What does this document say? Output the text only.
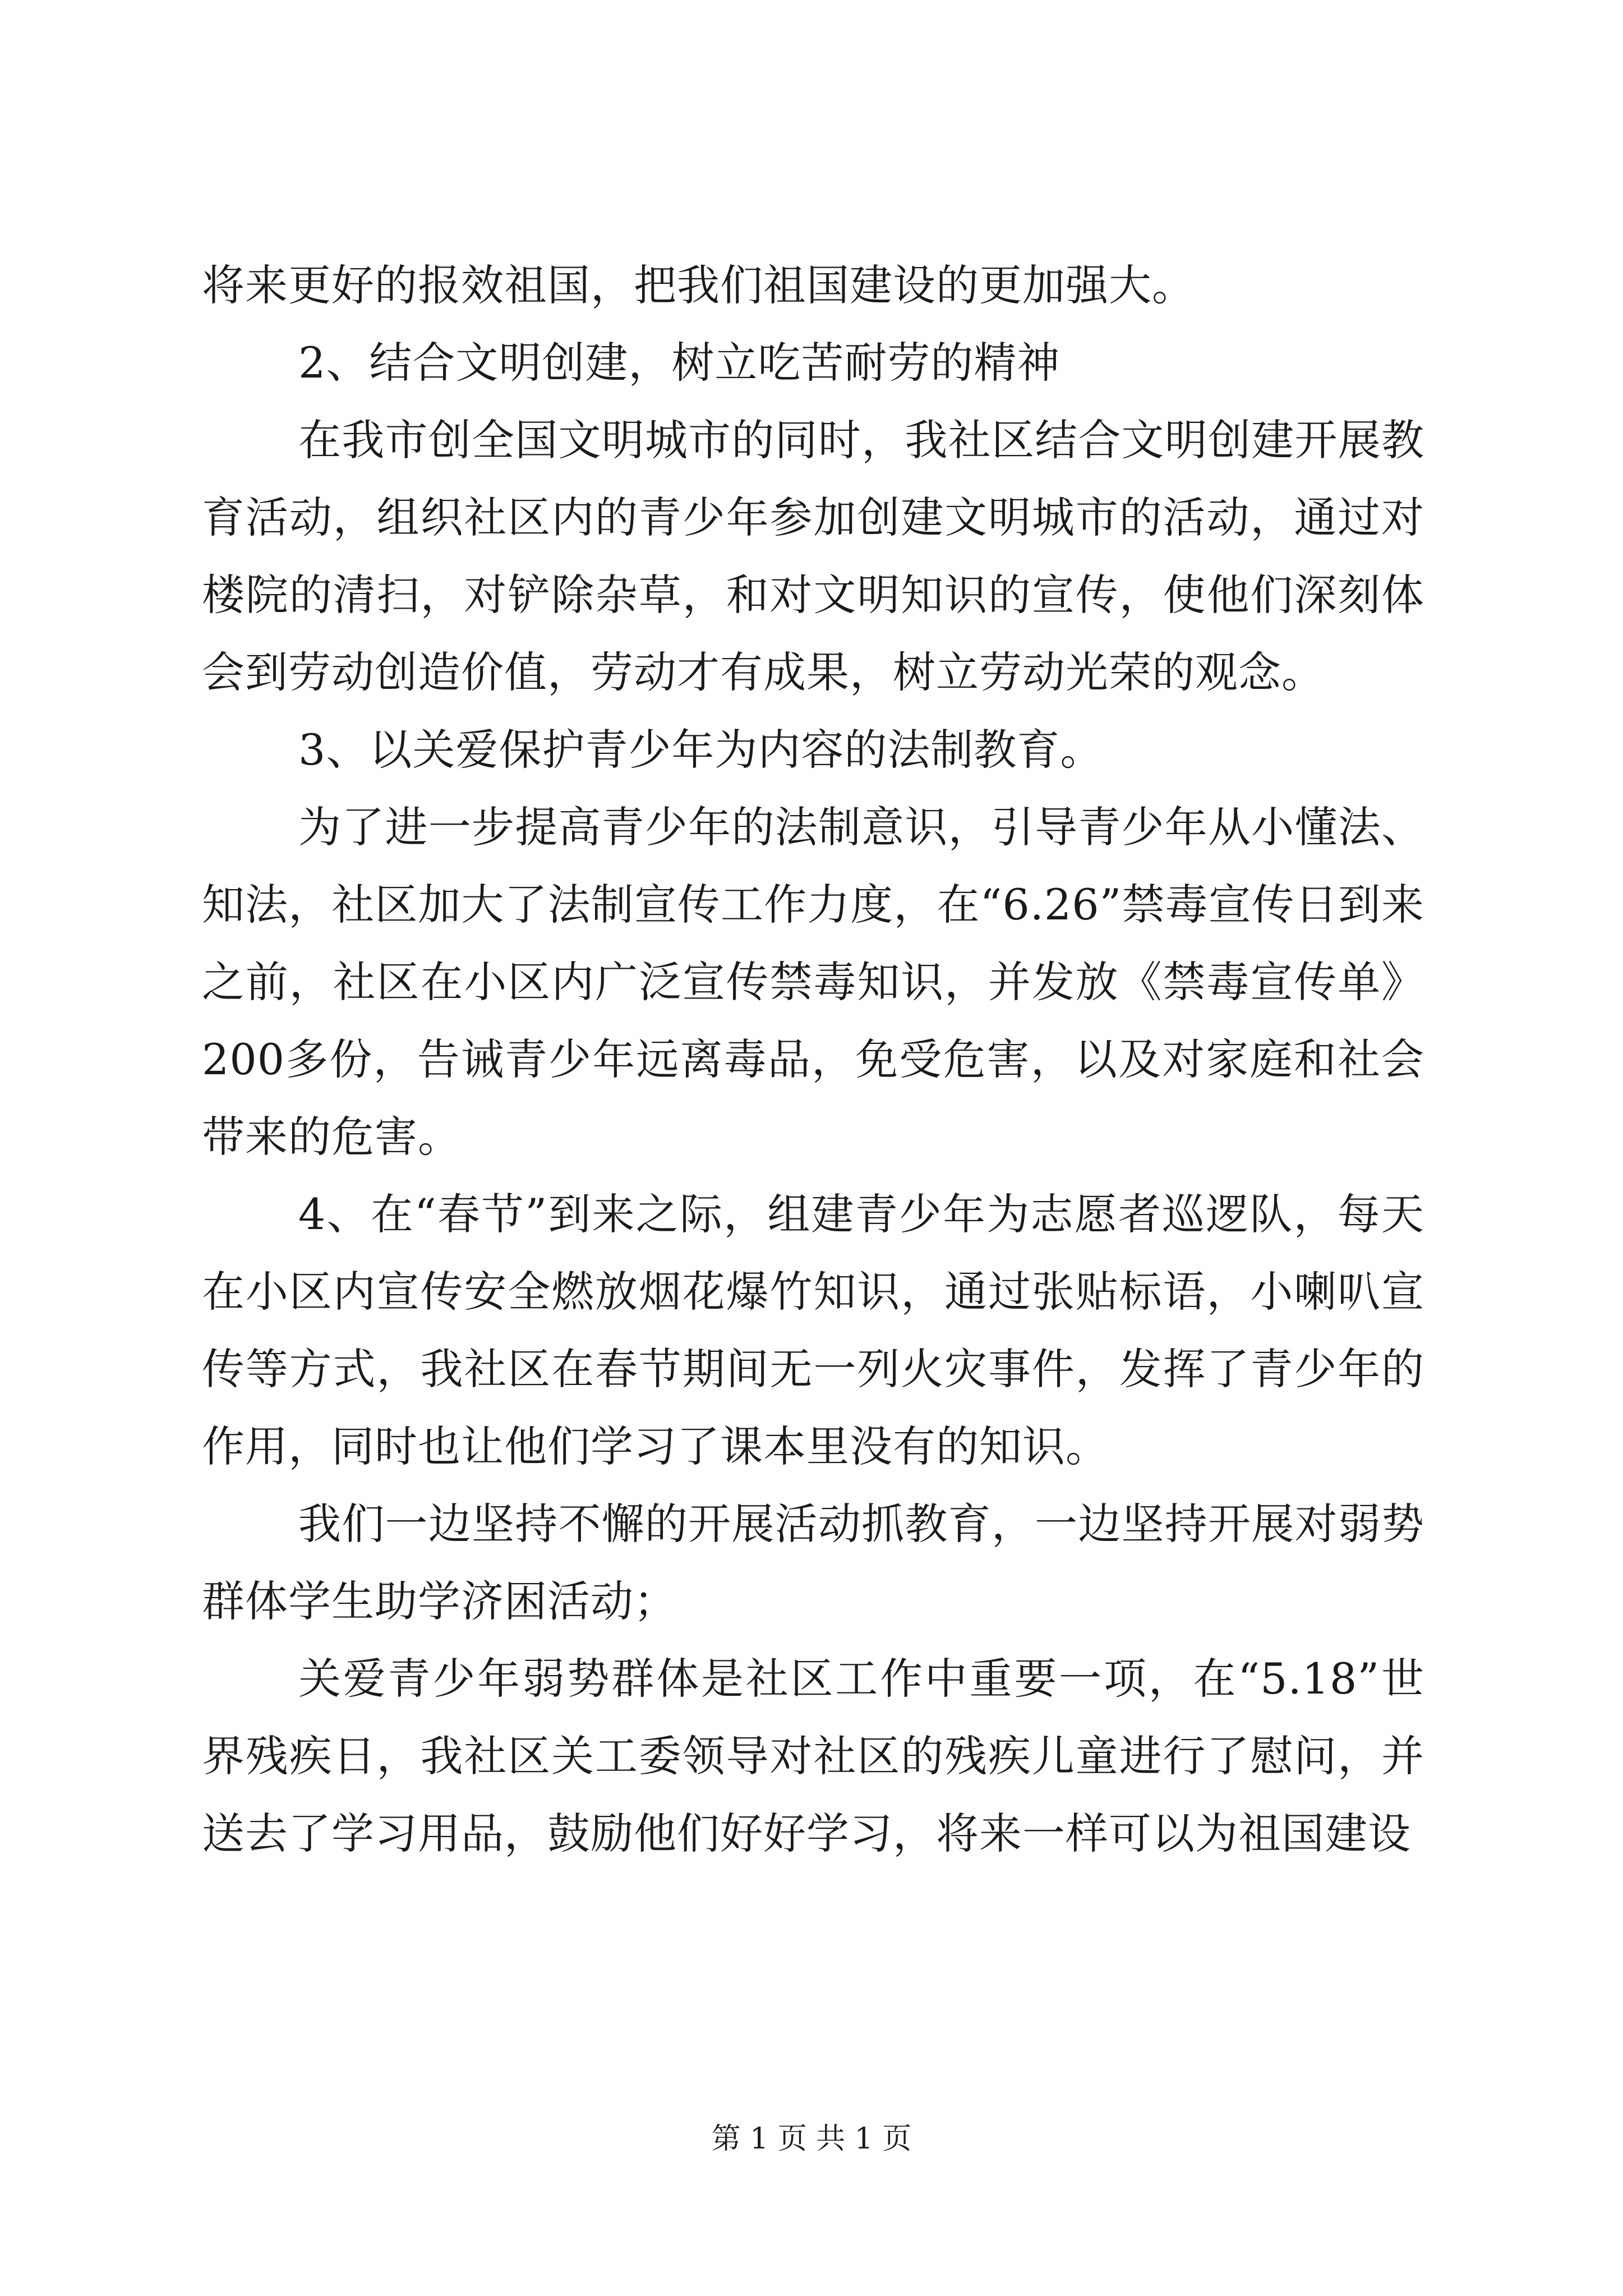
将来更好的报效祖国，把我们祖国建设的更加强大。

2、结合文明创建，树立吃苦耐劳的精神

在我市创全国文明城市的同时，我社区结合文明创建开展教育活动，组织社区内的青少年参加创建文明城市的活动，通过对楼院的清扫，对铲除杂草，和对文明知识的宣传，使他们深刻体会到劳动创造价值，劳动才有成果，树立劳动光荣的观念。

3、以关爱保护青少年为内容的法制教育。

为了进一步提高青少年的法制意识，引导青少年从小懂法、知法，社区加大了法制宣传工作力度，在“6.26”禁毒宣传日到来之前，社区在小区内广泛宣传禁毒知识，并发放《禁毒宣传单》200多份，告诫青少年远离毒品，免受危害，以及对家庭和社会带来的危害。

4、在“春节”到来之际，组建青少年为志愿者巡逻队，每天在小区内宣传安全燃放烟花爆竹知识，通过张贴标语，小喇叭宣传等方式，我社区在春节期间无一列火灾事件，发挥了青少年的作用，同时也让他们学习了课本里没有的知识。

我们一边坚持不懈的开展活动抓教育，一边坚持开展对弱势群体学生助学济困活动；

关爱青少年弱势群体是社区工作中重要一项，在“5.18”世界残疾日，我社区关工委领导对社区的残疾儿童进行了慰问，并送去了学习用品，鼓励他们好好学习，将来一样可以为祖国建设

第 1 页 共 1 页
